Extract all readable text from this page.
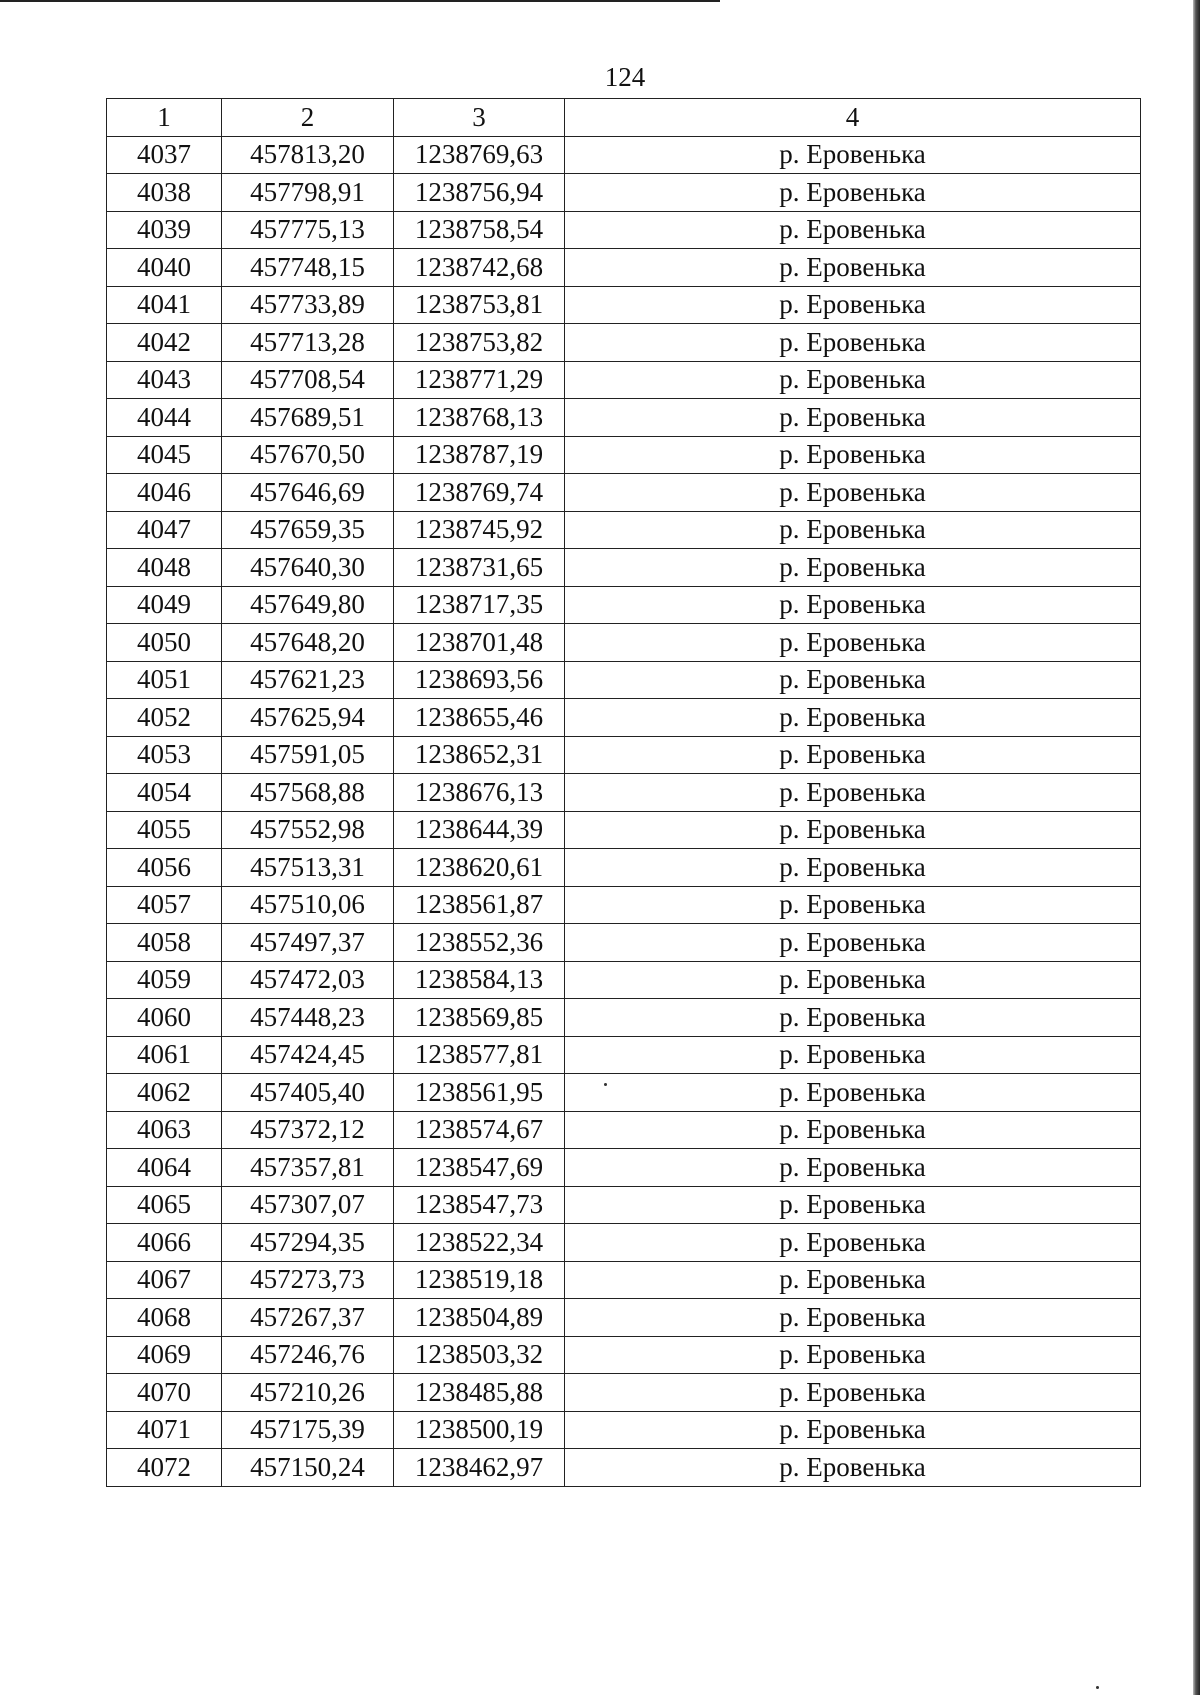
124
1	2	3	4
4037	457813,20	1238769,63	р. Еровенька
4038	457798,91	1238756,94	р. Еровенька
4039	457775,13	1238758,54	р. Еровенька
4040	457748,15	1238742,68	р. Еровенька
4041	457733,89	1238753,81	р. Еровенька
4042	457713,28	1238753,82	р. Еровенька
4043	457708,54	1238771,29	р. Еровенька
4044	457689,51	1238768,13	р. Еровенька
4045	457670,50	1238787,19	р. Еровенька
4046	457646,69	1238769,74	р. Еровенька
4047	457659,35	1238745,92	р. Еровенька
4048	457640,30	1238731,65	р. Еровенька
4049	457649,80	1238717,35	р. Еровенька
4050	457648,20	1238701,48	р. Еровенька
4051	457621,23	1238693,56	р. Еровенька
4052	457625,94	1238655,46	р. Еровенька
4053	457591,05	1238652,31	р. Еровенька
4054	457568,88	1238676,13	р. Еровенька
4055	457552,98	1238644,39	р. Еровенька
4056	457513,31	1238620,61	р. Еровенька
4057	457510,06	1238561,87	р. Еровенька
4058	457497,37	1238552,36	р. Еровенька
4059	457472,03	1238584,13	р. Еровенька
4060	457448,23	1238569,85	р. Еровенька
4061	457424,45	1238577,81	р. Еровенька
4062	457405,40	1238561,95	р. Еровенька
4063	457372,12	1238574,67	р. Еровенька
4064	457357,81	1238547,69	р. Еровенька
4065	457307,07	1238547,73	р. Еровенька
4066	457294,35	1238522,34	р. Еровенька
4067	457273,73	1238519,18	р. Еровенька
4068	457267,37	1238504,89	р. Еровенька
4069	457246,76	1238503,32	р. Еровенька
4070	457210,26	1238485,88	р. Еровенька
4071	457175,39	1238500,19	р. Еровенька
4072	457150,24	1238462,97	р. Еровенька
